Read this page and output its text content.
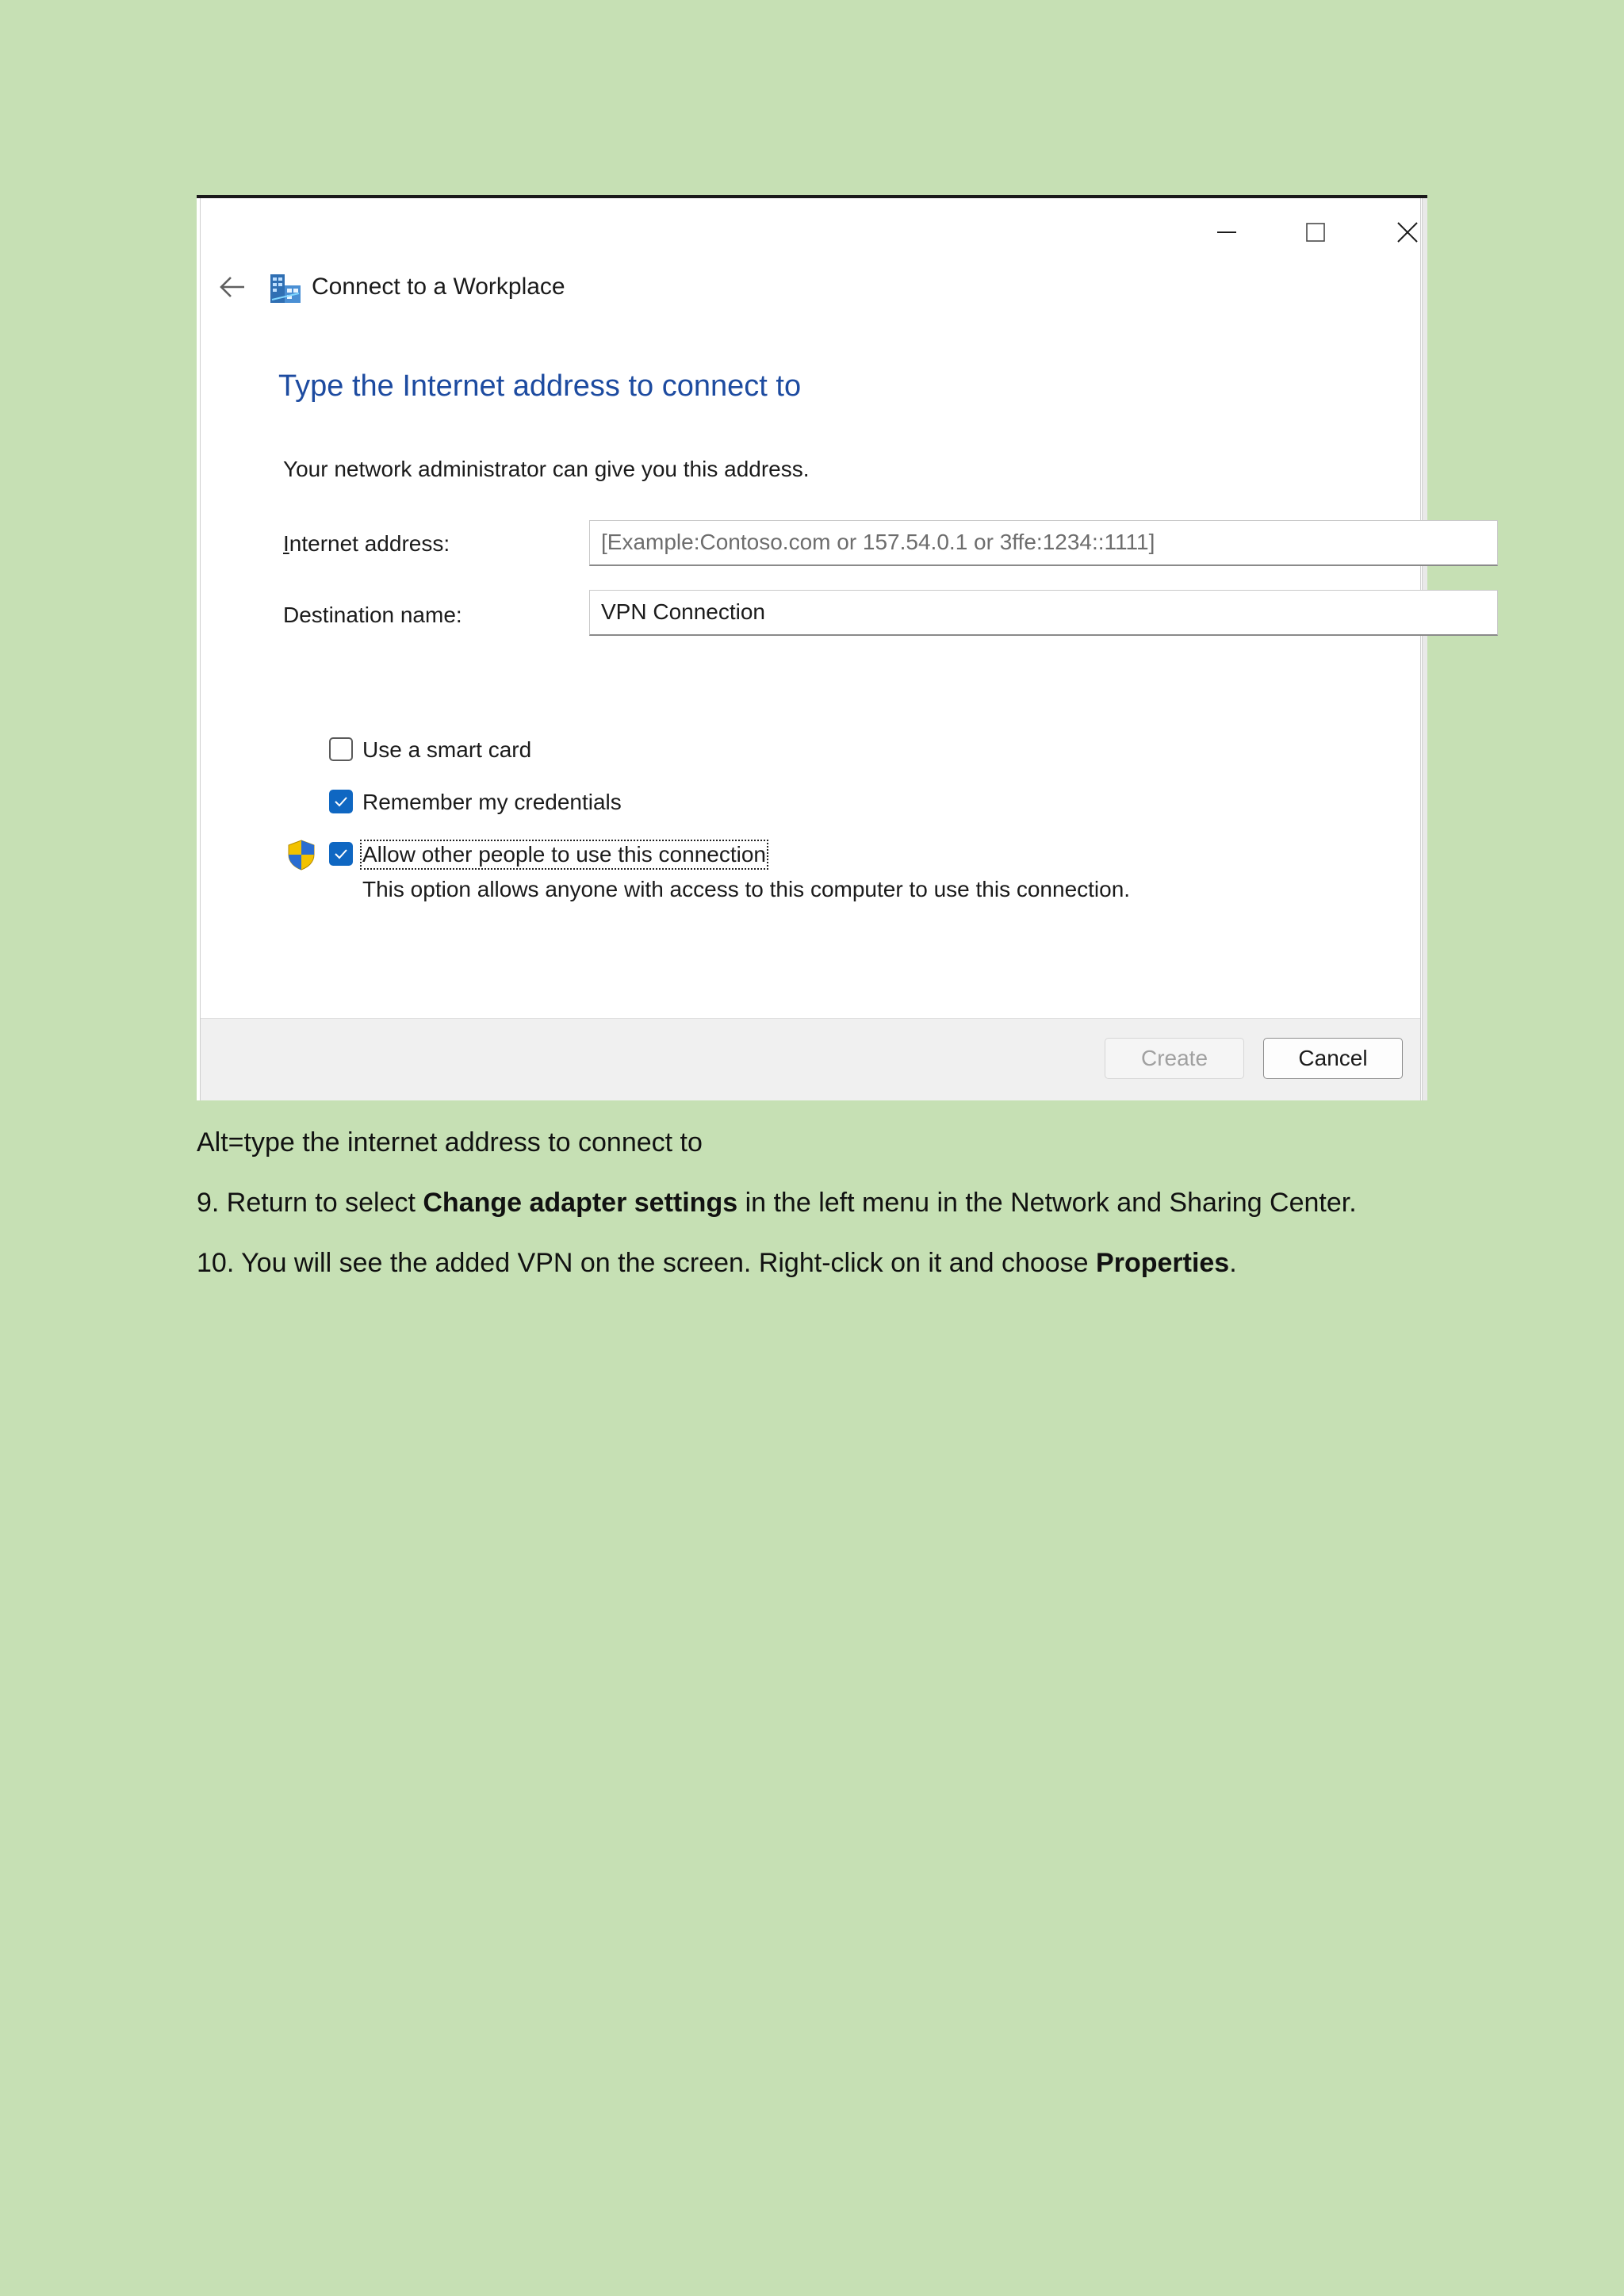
Connect to a Workplace
Type the Internet address to connect to
Your network administrator can give you this address.
Internet address:	[Example:Contoso.com or 157.54.0.1 or 3ffe:1234::1111]
Destination name:	VPN Connection
Use a smart card
Remember my credentials
Allow other people to use this connection
This option allows anyone with access to this computer to use this connection.
Create	Cancel
Alt=type the internet address to connect to
9. Return to select Change adapter settings in the left menu in the Network and Sharing Center.
10. You will see the added VPN on the screen. Right-click on it and choose Properties.
